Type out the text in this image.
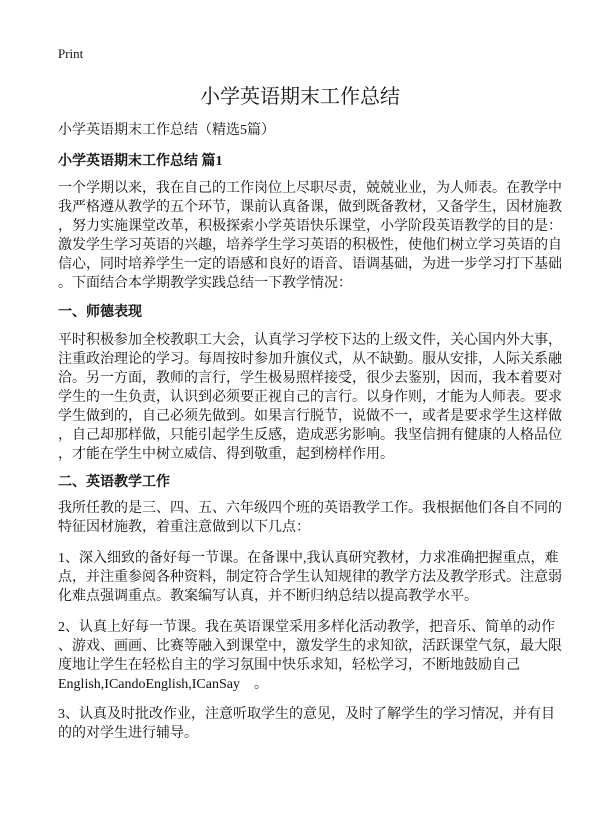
Print
小学英语期末工作总结
小学英语期末工作总结（精选5篇）
小学英语期末工作总结 篇1
一个学期以来，我在自己的工作岗位上尽职尽责，兢兢业业，为人师表。在教学中
我严格遵从教学的五个环节，课前认真备课，做到既备教材，又备学生，因材施教
，努力实施课堂改革，积极探索小学英语快乐课堂，小学阶段英语教学的目的是：
激发学生学习英语的兴趣，培养学生学习英语的积极性，使他们树立学习英语的自
信心，同时培养学生一定的语感和良好的语音、语调基础，为进一步学习打下基础
。下面结合本学期教学实践总结一下教学情况：
一、师德表现
平时积极参加全校教职工大会，认真学习学校下达的上级文件，关心国内外大事，
注重政治理论的学习。每周按时参加升旗仪式，从不缺勤。服从安排，人际关系融
洽。另一方面，教师的言行，学生极易照样接受，很少去鉴别，因而，我本着要对
学生的一生负责，认识到必须要正视自己的言行。以身作则，才能为人师表。要求
学生做到的，自己必须先做到。如果言行脱节，说做不一，或者是要求学生这样做
，自己却那样做，只能引起学生反感，造成恶劣影响。我坚信拥有健康的人格品位
，才能在学生中树立威信、得到敬重，起到榜样作用。
二、英语教学工作
我所任教的是三、四、五、六年级四个班的英语教学工作。我根据他们各自不同的
特征因材施教，着重注意做到以下几点：
1、深入细致的备好每一节课。在备课中,我认真研究教材，力求准确把握重点，难
点，并注重参阅各种资料，制定符合学生认知规律的教学方法及教学形式。注意弱
化难点强调重点。教案编写认真，并不断归纳总结以提高教学水平。
2、认真上好每一节课。我在英语课堂采用多样化活动教学，把音乐、简单的动作
、游戏、画画、比赛等融入到课堂中，激发学生的求知欲，活跃课堂气氛，最大限
度地让学生在轻松自主的学习氛围中快乐求知，轻松学习，不断地鼓励自己
English,ICandoEnglish,ICanSay　。
3、认真及时批改作业，注意听取学生的意见，及时了解学生的学习情况，并有目
的的对学生进行辅导。
